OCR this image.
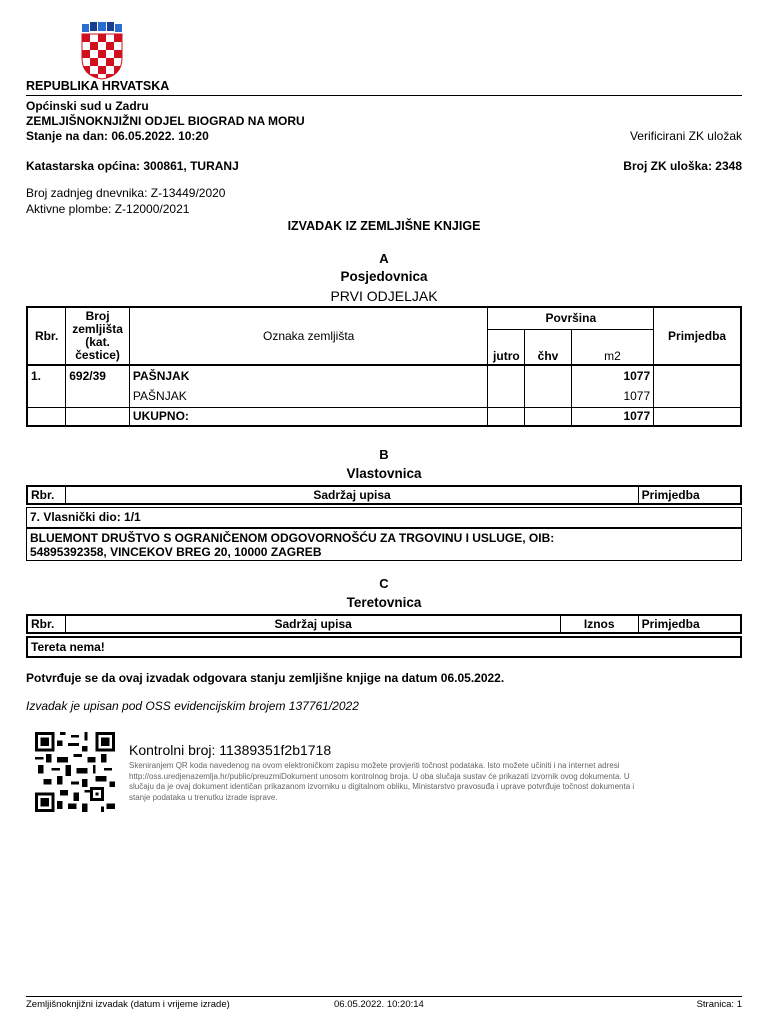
REPUBLIKA HRVATSKA
Općinski sud u Zadru
ZEMLJIŠNOKNJIŽNI ODJEL BIOGRAD NA MORU
Stanje na dan: 06.05.2022. 10:20	Verificirani ZK uložak
Katastarska općina: 300861, TURANJ	Broj ZK uloška: 2348
Broj zadnjeg dnevnika: Z-13449/2020
Aktivne plombe: Z-12000/2021
IZVADAK IZ ZEMLJIŠNE KNJIGE
A
Posjedovnica
PRVI ODJELJAK
Rbr.	Broj zemljišta (kat. čestice)	Oznaka zemljišta	Površina			Primjedba
			jutro	čhv	m2	
1.	692/39	PAŠNJAK			1077	
		PAŠNJAK			1077	
		UKUPNO:			1077	
B
Vlastovnica
Rbr.	Sadržaj upisa	Primjedba
7. Vlasnički dio: 1/1
BLUEMONT DRUŠTVO S OGRANIČENOM ODGOVORNOŠĆU ZA TRGOVINU I USLUGE, OIB:
54895392358, VINCEKOV BREG 20, 10000 ZAGREB
C
Teretovnica
Rbr.	Sadržaj upisa	Iznos	Primjedba
Tereta nema!
Potvrđuje se da ovaj izvadak odgovara stanju zemljišne knjige na datum 06.05.2022.
Izvadak je upisan pod OSS evidencijskim brojem 137761/2022
Kontrolni broj: 11389351f2b1718
Skeniranjem QR koda navedenog na ovom elektroničkom zapisu možete provjeriti točnost podataka. Isto možete učiniti i na internet adresi http://oss.uredjenazemlja.hr/public/preuzmiDokument unosom kontrolnog broja. U oba slučaja sustav će prikazati izvornik ovog dokumenta. U slučaju da je ovaj dokument identičan prikazanom izvorniku u digitalnom obliku, Ministarstvo pravosuđa i uprave potvrđuje točnost dokumenta i stanje podataka u trenutku izrade isprave.
Zemljišnoknjižni izvadak (datum i vrijeme izrade)	06.05.2022. 10:20:14	Stranica: 1
